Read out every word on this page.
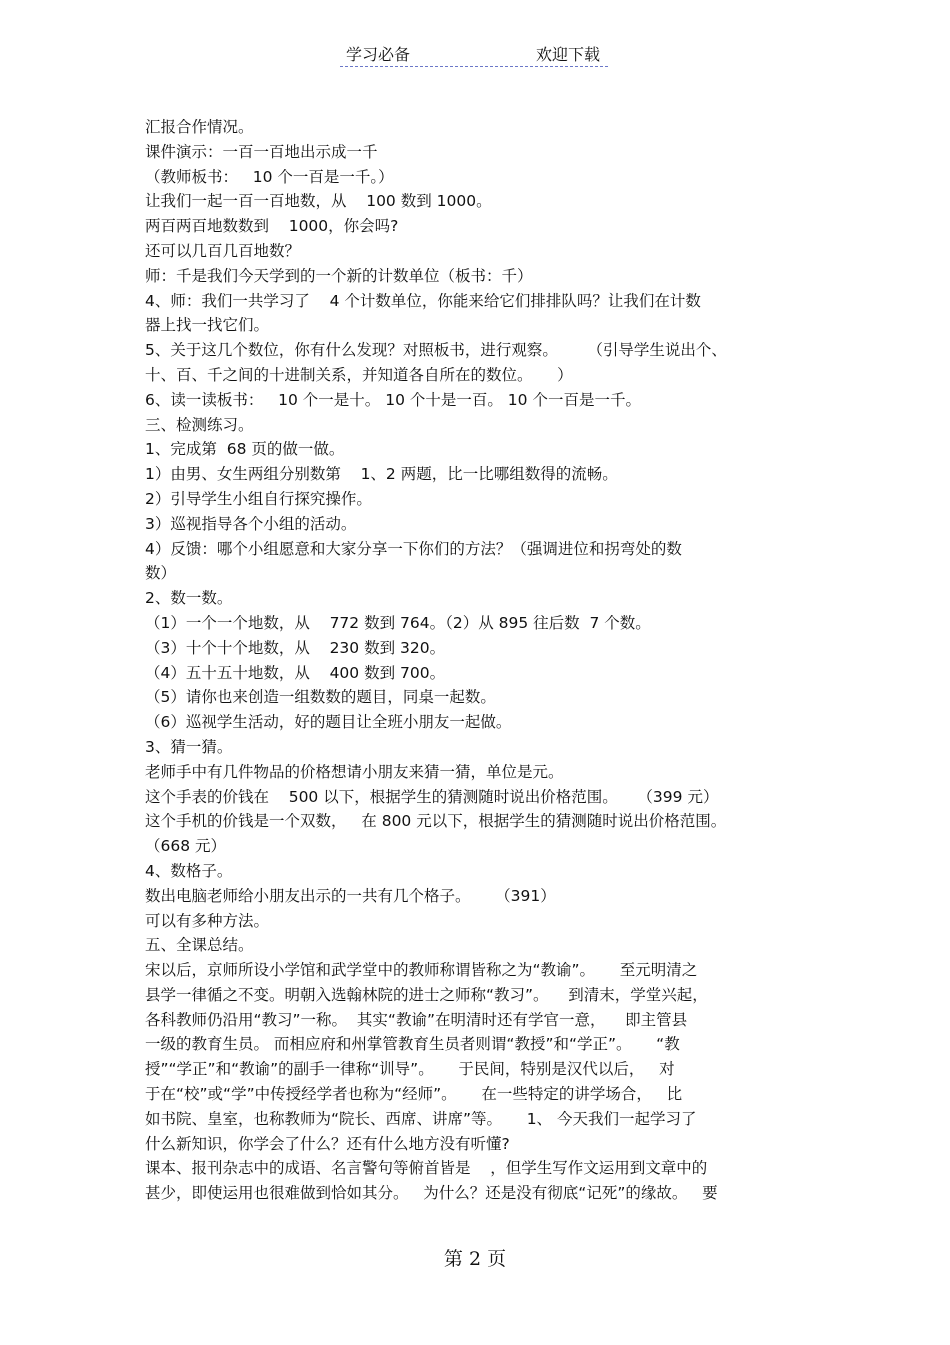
学习必备	欢迎下载
汇报合作情况。
课件演示：一百一百地出示成一千
（教师板书：   10 个一百是一千。）
让我们一起一百一百地数，从    100 数到 1000。
两百两百地数数到    1000，你会吗?
还可以几百几百地数？
师：千是我们今天学到的一个新的计数单位（板书：千）
4、师：我们一共学习了    4 个计数单位，你能来给它们排排队吗？让我们在计数
器上找一找它们。
5、关于这几个数位，你有什么发现？对照板书，进行观察。      （引导学生说出个、
十、百、千之间的十进制关系，并知道各自所在的数位。     ）
6、读一读板书：   10 个一是十。 10 个十是一百。 10 个一百是一千。
三、检测练习。
1、完成第  68 页的做一做。
1）由男、女生两组分别数第    1、2 两题，比一比哪组数得的流畅。
2）引导学生小组自行探究操作。
3）巡视指导各个小组的活动。
4）反馈：哪个小组愿意和大家分享一下你们的方法？（强调进位和拐弯处的数
数）
2、数一数。
（1）一个一个地数，从    772 数到 764。（2）从 895 往后数  7 个数。
（3）十个十个地数，从    230 数到 320。
（4）五十五十地数，从    400 数到 700。
（5）请你也来创造一组数数的题目，同桌一起数。
（6）巡视学生活动，好的题目让全班小朋友一起做。
3、猜一猜。
老师手中有几件物品的价格想请小朋友来猜一猜，单位是元。
这个手表的价钱在    500 以下，根据学生的猜测随时说出价格范围。    （399 元）
这个手机的价钱是一个双数，   在 800 元以下，根据学生的猜测随时说出价格范围。
（668 元）
4、数格子。
数出电脑老师给小朋友出示的一共有几个格子。     （391）
可以有多种方法。
五、全课总结。
宋以后，京师所设小学馆和武学堂中的教师称谓皆称之为“教谕”。     至元明清之
县学一律循之不变。明朝入选翰林院的进士之师称“教习”。    到清末，学堂兴起，
各科教师仍沿用“教习”一称。  其实“教谕”在明清时还有学官一意，    即主管县
一级的教育生员。 而相应府和州掌管教育生员者则谓“教授”和“学正”。     “教
授”“学正”和“教谕”的副手一律称“训导”。     于民间，特别是汉代以后，   对
于在“校”或“学”中传授经学者也称为“经师”。     在一些特定的讲学场合，   比
如书院、皇室，也称教师为“院长、西席、讲席”等。     1、 今天我们一起学习了
什么新知识，你学会了什么？还有什么地方没有听懂?
课本、报刊杂志中的成语、名言警句等俯首皆是    ，但学生写作文运用到文章中的
甚少，即使运用也很难做到恰如其分。   为什么？还是没有彻底“记死”的缘故。   要
第 2 页
